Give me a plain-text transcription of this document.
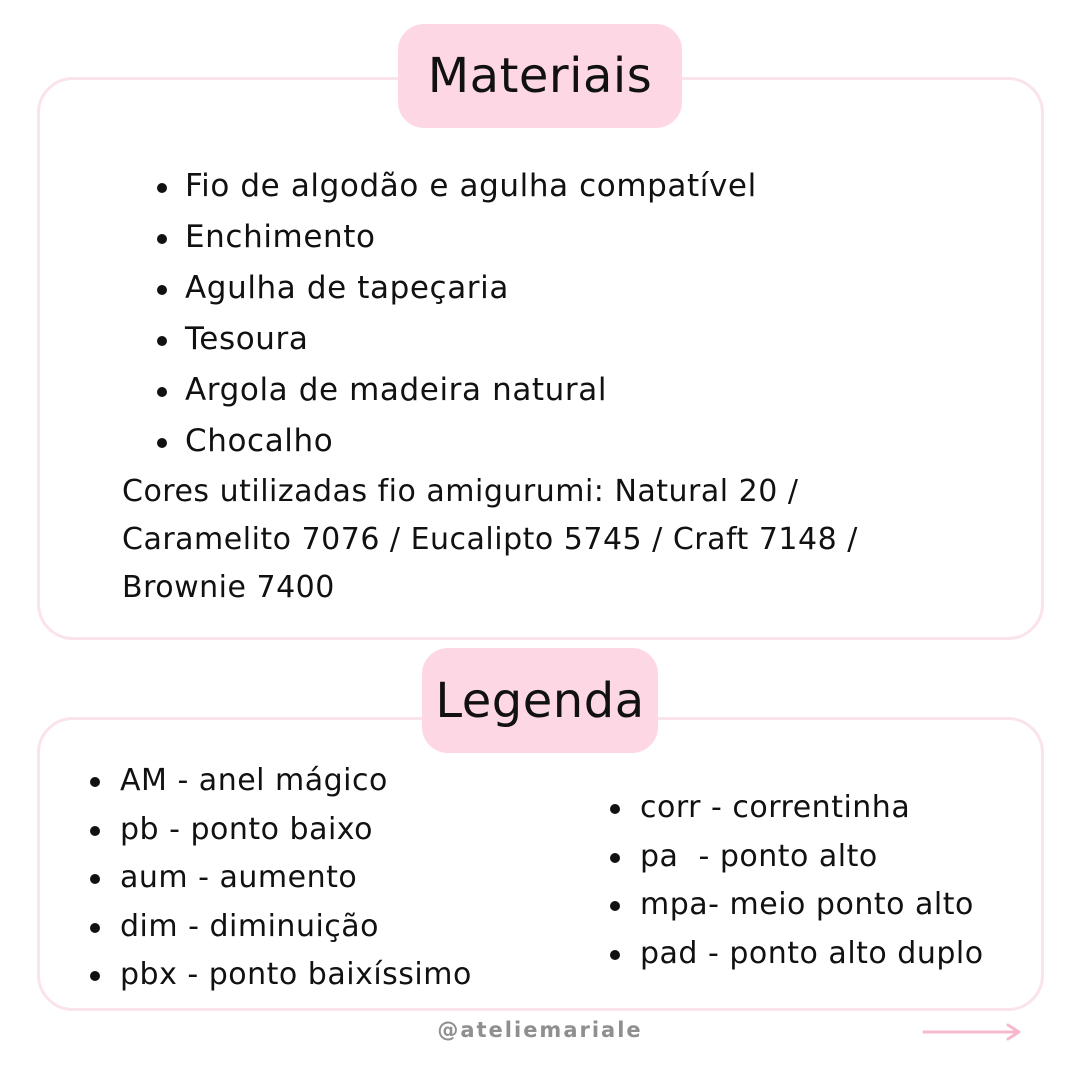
Materiais
Fio de algodão e agulha compatível
Enchimento
Agulha de tapeçaria
Tesoura
Argola de madeira natural
Chocalho
Cores utilizadas fio amigurumi: Natural 20 / Caramelito 7076 / Eucalipto 5745 / Craft 7148 / Brownie 7400
Legenda
AM - anel mágico
pb - ponto baixo
aum - aumento
dim - diminuição
pbx - ponto baixíssimo
corr - correntinha
pa  - ponto alto
mpa- meio ponto alto
pad - ponto alto duplo
@ateliemariale
